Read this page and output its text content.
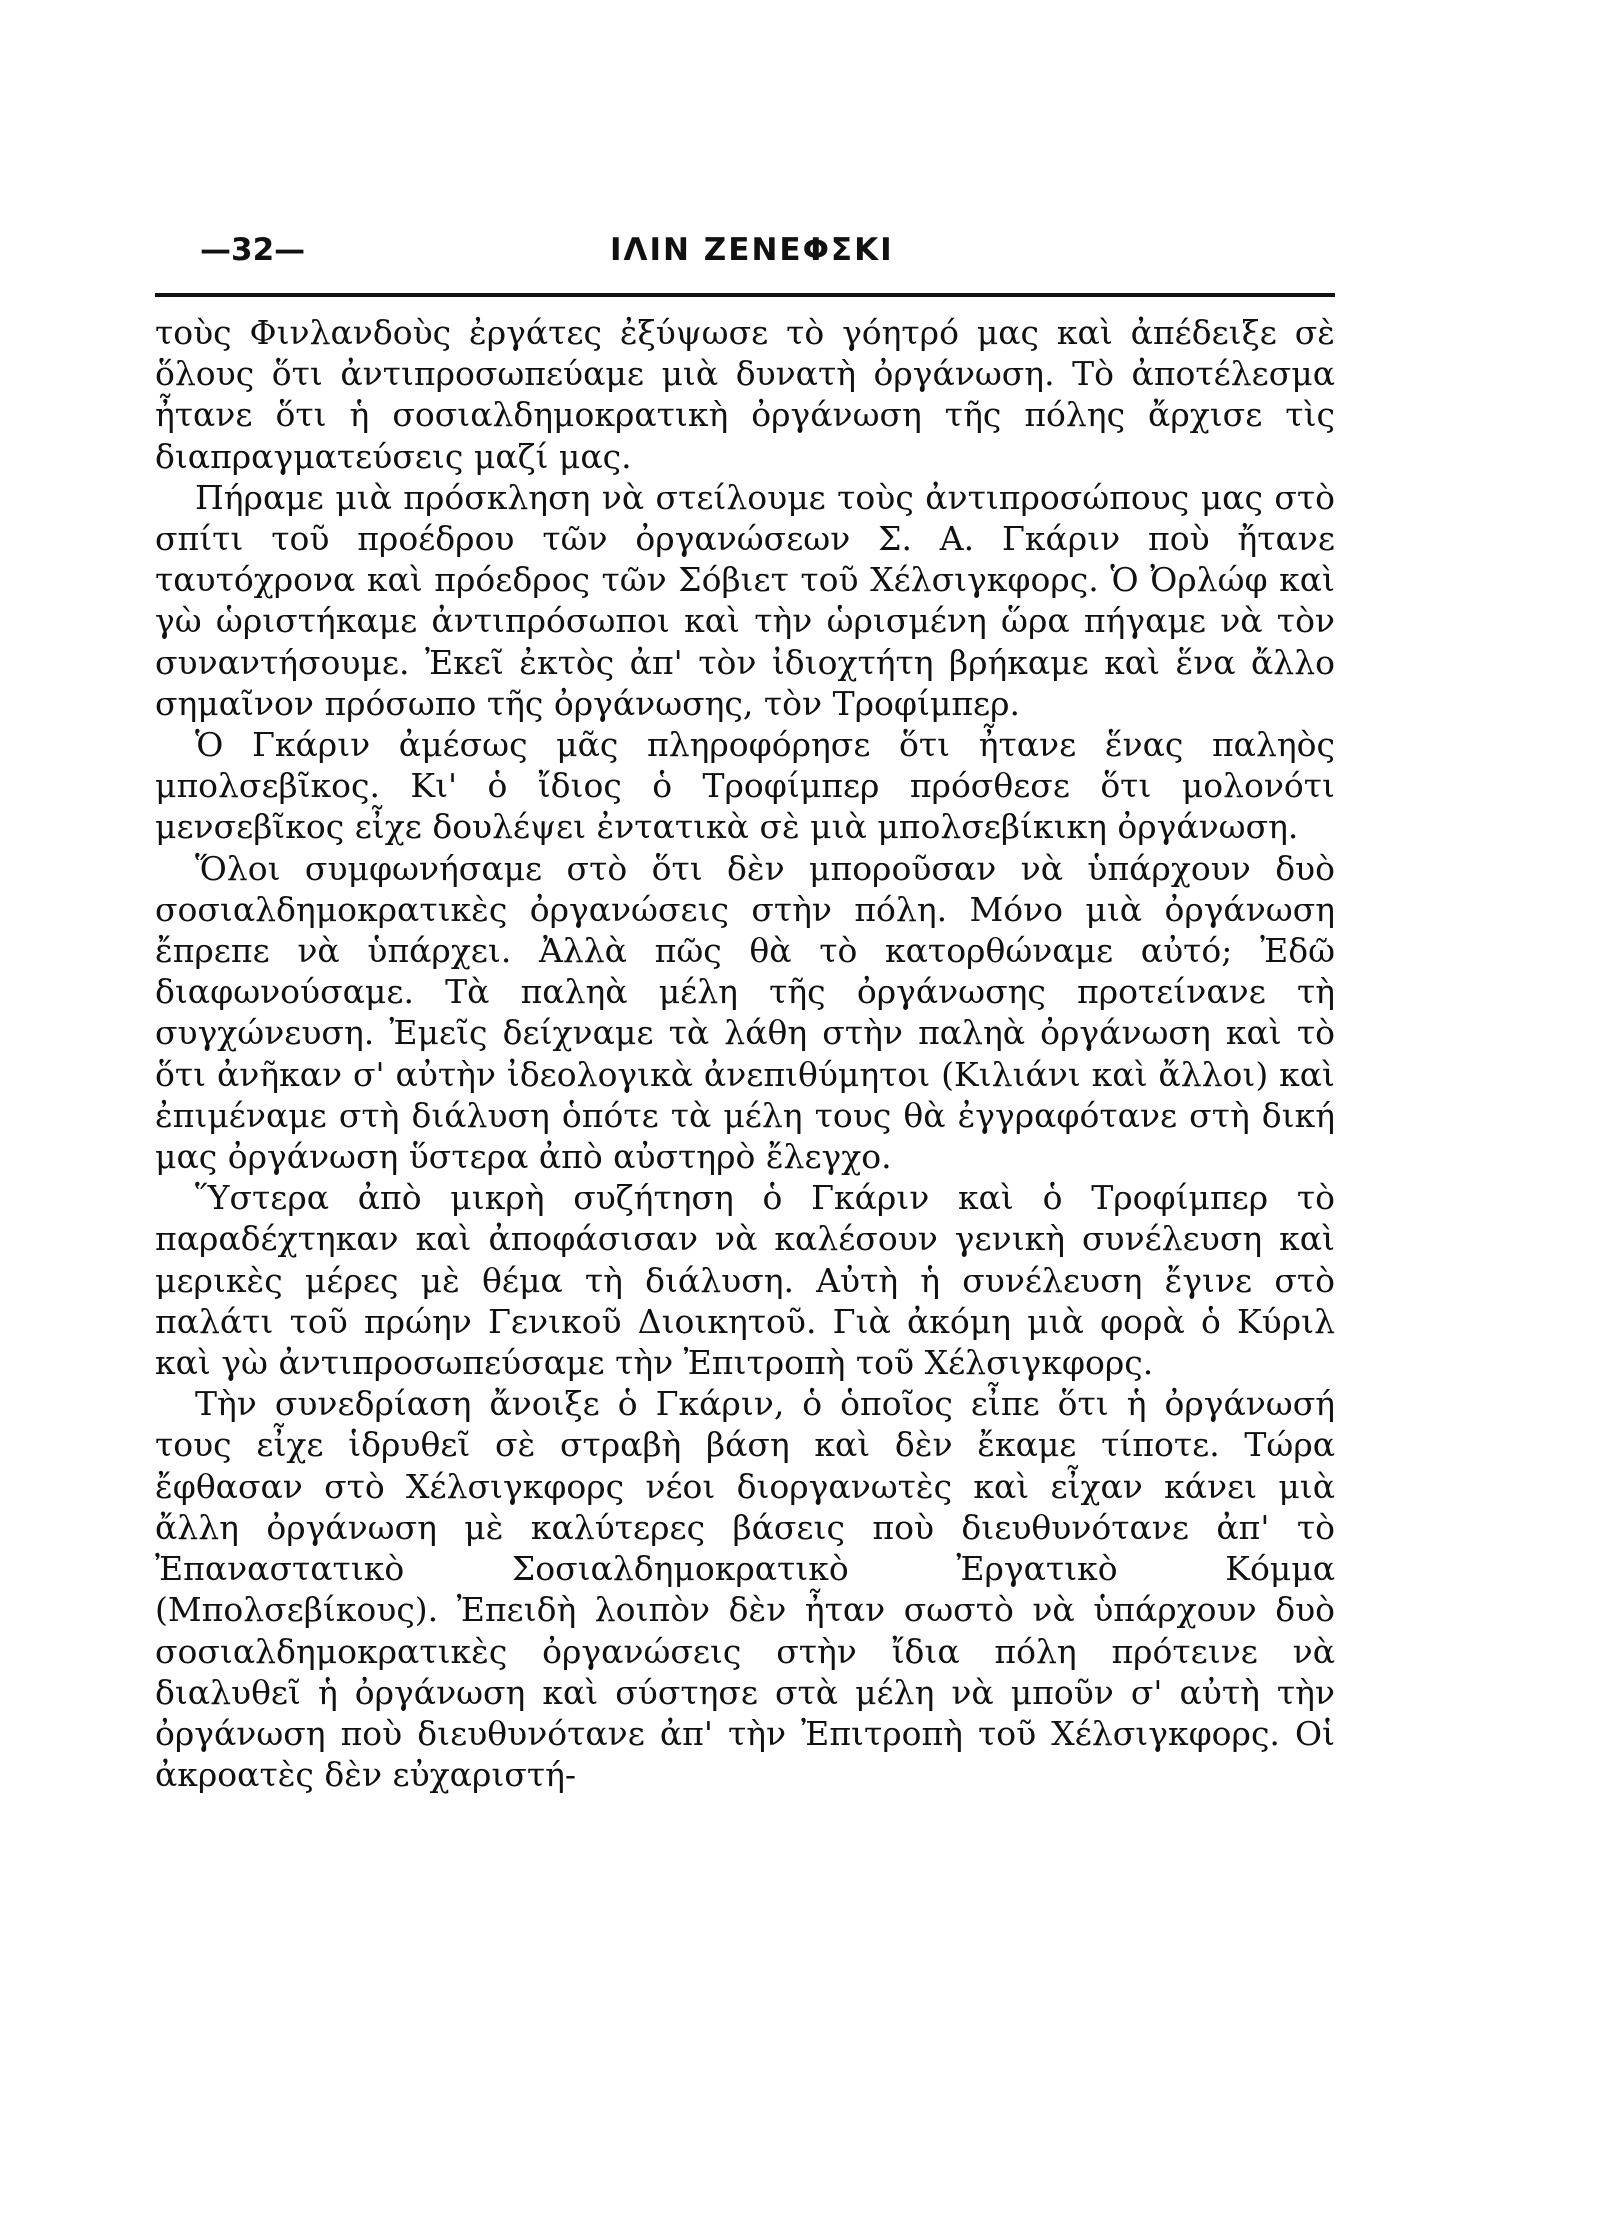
—32—	ΙΛΙΝ ΖΕΝΕΦΣΚΙ

τοὺς Φινλανδοὺς ἐργάτες ἐξύψωσε τὸ γόητρό μας καὶ ἀπέδειξε σὲ ὅλους ὅτι ἀντιπροσωπεύαμε μιὰ δυνατὴ ὀργάνωση. Τὸ ἀποτέλεσμα ἦτανε ὅτι ἡ σοσιαλδημοκρατικὴ ὀργάνωση τῆς πόλης ἄρχισε τὶς διαπραγματεύσεις μαζί μας.

Πήραμε μιὰ πρόσκληση νὰ στείλουμε τοὺς ἀντιπροσώπους μας στὸ σπίτι τοῦ προέδρου τῶν ὀργανώσεων Σ. Α. Γκάριν ποὺ ἤτανε ταυτόχρονα καὶ πρόεδρος τῶν Σόβιετ τοῦ Χέλσιγκφορς. Ὁ Ὀρλώφ καὶ γὼ ὡριστήκαμε ἀντιπρόσωποι καὶ τὴν ὡρισμένη ὥρα πήγαμε νὰ τὸν συναντήσουμε. Ἐκεῖ ἐκτὸς ἀπ' τὸν ἰδιοχτήτη βρήκαμε καὶ ἕνα ἄλλο σημαῖνον πρόσωπο τῆς ὀργάνωσης, τὸν Τροφίμπερ.

Ὁ Γκάριν ἀμέσως μᾶς πληροφόρησε ὅτι ἦτανε ἕνας παληὸς μπολσεβῖκος. Κι' ὁ ἴδιος ὁ Τροφίμπερ πρόσθεσε ὅτι μολονότι μενσεβῖκος εἶχε δουλέψει ἐντατικὰ σὲ μιὰ μπολσεβίκικη ὀργάνωση.

Ὅλοι συμφωνήσαμε στὸ ὅτι δὲν μποροῦσαν νὰ ὑπάρχουν δυὸ σοσιαλδημοκρατικὲς ὀργανώσεις στὴν πόλη. Μόνο μιὰ ὀργάνωση ἔπρεπε νὰ ὑπάρχει. Ἀλλὰ πῶς θὰ τὸ κατορθώναμε αὐτό; Ἐδῶ διαφωνούσαμε. Τὰ παληὰ μέλη τῆς ὀργάνωσης προτείνανε τὴ συγχώνευση. Ἐμεῖς δείχναμε τὰ λάθη στὴν παληὰ ὀργάνωση καὶ τὸ ὅτι ἀνῆκαν σ' αὐτὴν ἰδεολογικὰ ἀνεπιθύμητοι (Κιλιάνι καὶ ἄλλοι) καὶ ἐπιμέναμε στὴ διάλυση ὁπότε τὰ μέλη τους θὰ ἐγγραφότανε στὴ δική μας ὀργάνωση ὕστερα ἀπὸ αὐστηρὸ ἔλεγχο.

Ὕστερα ἀπὸ μικρὴ συζήτηση ὁ Γκάριν καὶ ὁ Τροφίμπερ τὸ παραδέχτηκαν καὶ ἀποφάσισαν νὰ καλέσουν γενικὴ συνέλευση καὶ μερικὲς μέρες μὲ θέμα τὴ διάλυση. Αὐτὴ ἡ συνέλευση ἔγινε στὸ παλάτι τοῦ πρώην Γενικοῦ Διοικητοῦ. Γιὰ ἀκόμη μιὰ φορὰ ὁ Κύριλ καὶ γὼ ἀντιπροσωπεύσαμε τὴν Ἐπιτροπὴ τοῦ Χέλσιγκφορς.

Τὴν συνεδρίαση ἄνοιξε ὁ Γκάριν, ὁ ὁποῖος εἶπε ὅτι ἡ ὀργάνωσή τους εἶχε ἱδρυθεῖ σὲ στραβὴ βάση καὶ δὲν ἔκαμε τίποτε. Τώρα ἔφθασαν στὸ Χέλσιγκφορς νέοι διοργανωτὲς καὶ εἶχαν κάνει μιὰ ἄλλη ὀργάνωση μὲ καλύτερες βάσεις ποὺ διευθυνότανε ἀπ' τὸ Ἐπαναστατικὸ Σοσιαλδημοκρατικὸ Ἐργατικὸ Κόμμα (Μπολσεβίκους). Ἐπειδὴ λοιπὸν δὲν ἦταν σωστὸ νὰ ὑπάρχουν δυὸ σοσιαλδημοκρατικὲς ὀργανώσεις στὴν ἴδια πόλη πρότεινε νὰ διαλυθεῖ ἡ ὀργάνωση καὶ σύστησε στὰ μέλη νὰ μποῦν σ' αὐτὴ τὴν ὀργάνωση ποὺ διευθυνότανε ἀπ' τὴν Ἐπιτροπὴ τοῦ Χέλσιγκφορς. Οἱ ἀκροατὲς δὲν εὐχαριστή-
